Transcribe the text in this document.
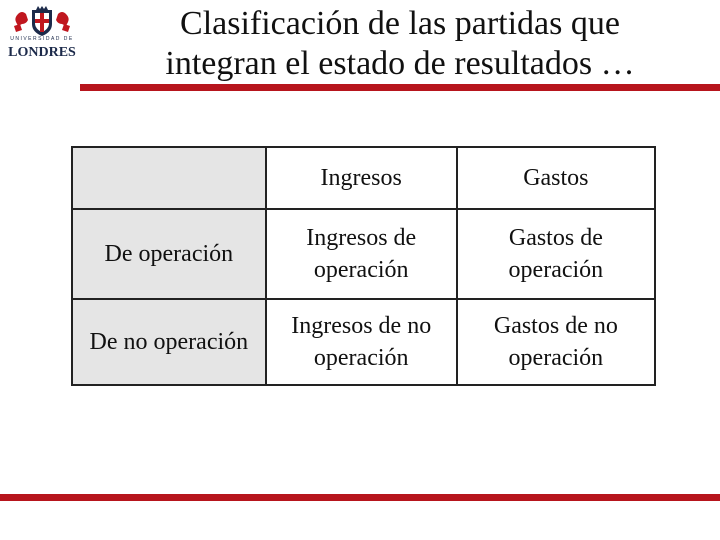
UNIVERSIDAD DE
LONDRES
Clasificación de las partidas que
integran el estado de resultados …
	Ingresos	Gastos
De operación	Ingresos de operación	Gastos de operación
De no operación	Ingresos de no operación	Gastos de no operación
